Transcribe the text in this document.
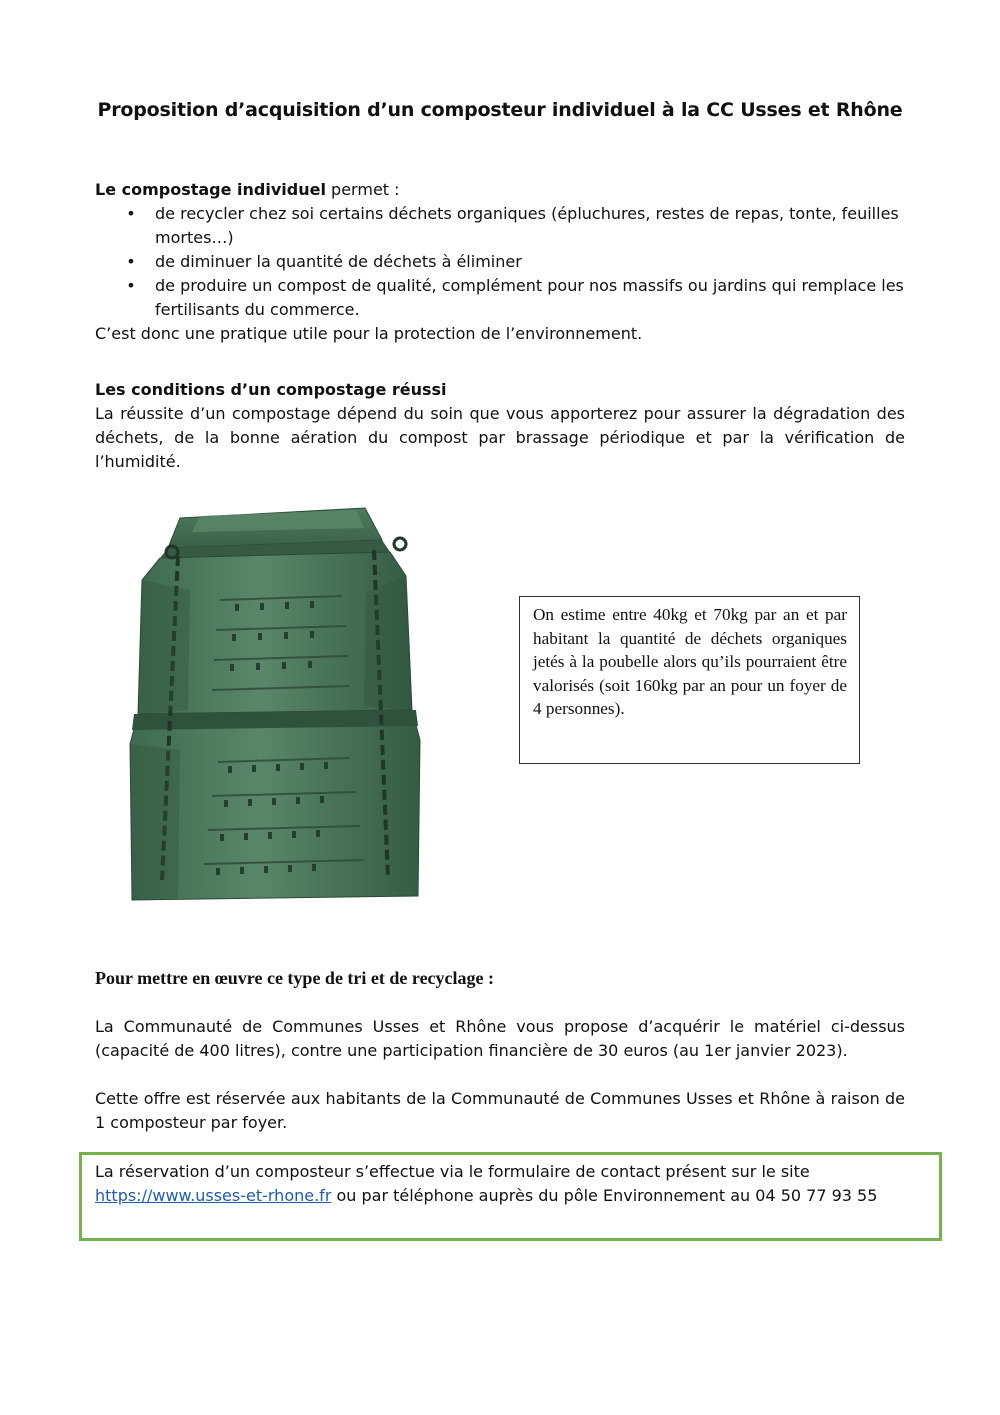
Proposition d’acquisition d’un composteur individuel à la CC Usses et Rhône

Le compostage individuel permet :

• de recycler chez soi certains déchets organiques (épluchures, restes de repas, tonte, feuilles mortes…)
• de diminuer la quantité de déchets à éliminer
• de produire un compost de qualité, complément pour nos massifs ou jardins qui remplace les fertilisants du commerce.

C’est donc une pratique utile pour la protection de l’environnement.

Les conditions d’un compostage réussi

La réussite d’un compostage dépend du soin que vous apporterez pour assurer la dégradation des déchets, de la bonne aération du compost par brassage périodique et par la vérification de l’humidité.

On estime entre 40kg et 70kg par an et par habitant la quantité de déchets organiques jetés à la poubelle alors qu’ils pourraient être valorisés (soit 160kg par an pour un foyer de 4 personnes).
Pour mettre en œuvre ce type de tri et de recyclage :
La Communauté de Communes Usses et Rhône vous propose d’acquérir le matériel ci-dessus (capacité de 400 litres), contre une participation financière de 30 euros (au 1er janvier 2023).
Cette offre est réservée aux habitants de la Communauté de Communes Usses et Rhône à raison de 1 composteur par foyer.
La réservation d’un composteur s’effectue via le formulaire de contact présent sur le site
https://www.usses-et-rhone.fr ou par téléphone auprès du pôle Environnement au 04 50 77 93 55
